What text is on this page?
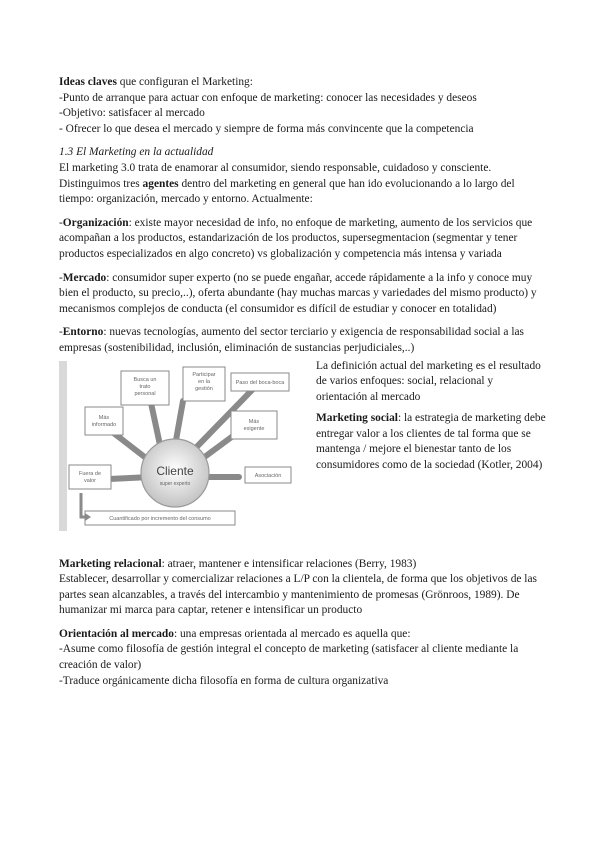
Ideas claves que configuran el Marketing:

-Punto de arranque para actuar con enfoque de marketing: conocer las necesidades y deseos

-Objetivo: satisfacer al mercado

- Ofrecer lo que desea el mercado y siempre de forma más convincente que la competencia

1.3 El Marketing en la actualidad

El marketing 3.0 trata de enamorar al consumidor, siendo responsable, cuidadoso y consciente.

Distinguimos tres agentes dentro del marketing en general que han ido evolucionando a lo largo del tiempo: organización, mercado y entorno. Actualmente:

-Organización: existe mayor necesidad de info, no enfoque de marketing, aumento de los servicios que acompañan a los productos, estandarización de los productos, supersegmentacion (segmentar y tener productos especializados en algo concreto) vs globalización y competencia más intensa y variada

-Mercado: consumidor super experto (no se puede engañar, accede rápidamente a la info y conoce muy bien el producto, su precio,..), oferta abundante (hay muchas marcas y variedades del mismo producto) y mecanismos complejos de conducta (el consumidor es difícil de estudiar y conocer en totalidad)

-Entorno: nuevas tecnologías, aumento del sector terciario y exigencia de responsabilidad social a las empresas (sostenibilidad, inclusión, eliminación de sustancias perjudiciales,..)

Cliente
super experto
Busca un
trato
personal
Participar
en la
gestión
Paso del boca-boca
Más
informado	Más
exigente
Fuera de
valor
Asociación
Cuantificado por incremento del consumo

La definición actual del marketing es el resultado de varios enfoques: social, relacional y orientación al mercado

Marketing social: la estrategia de marketing debe entregar valor a los clientes de tal forma que se mantenga / mejore el bienestar tanto de los consumidores como de la sociedad (Kotler, 2004)

Marketing relacional: atraer, mantener e intensificar relaciones (Berry, 1983)

Establecer, desarrollar y comercializar relaciones a L/P con la clientela, de forma que los objetivos de las partes sean alcanzables, a través del intercambio y mantenimiento de promesas (Grönroos, 1989). De humanizar mi marca para captar, retener e intensificar un producto

Orientación al mercado: una empresas orientada al mercado es aquella que:

-Asume como filosofía de gestión integral el concepto de marketing (satisfacer al cliente mediante la creación de valor)

-Traduce orgánicamente dicha filosofía en forma de cultura organizativa
